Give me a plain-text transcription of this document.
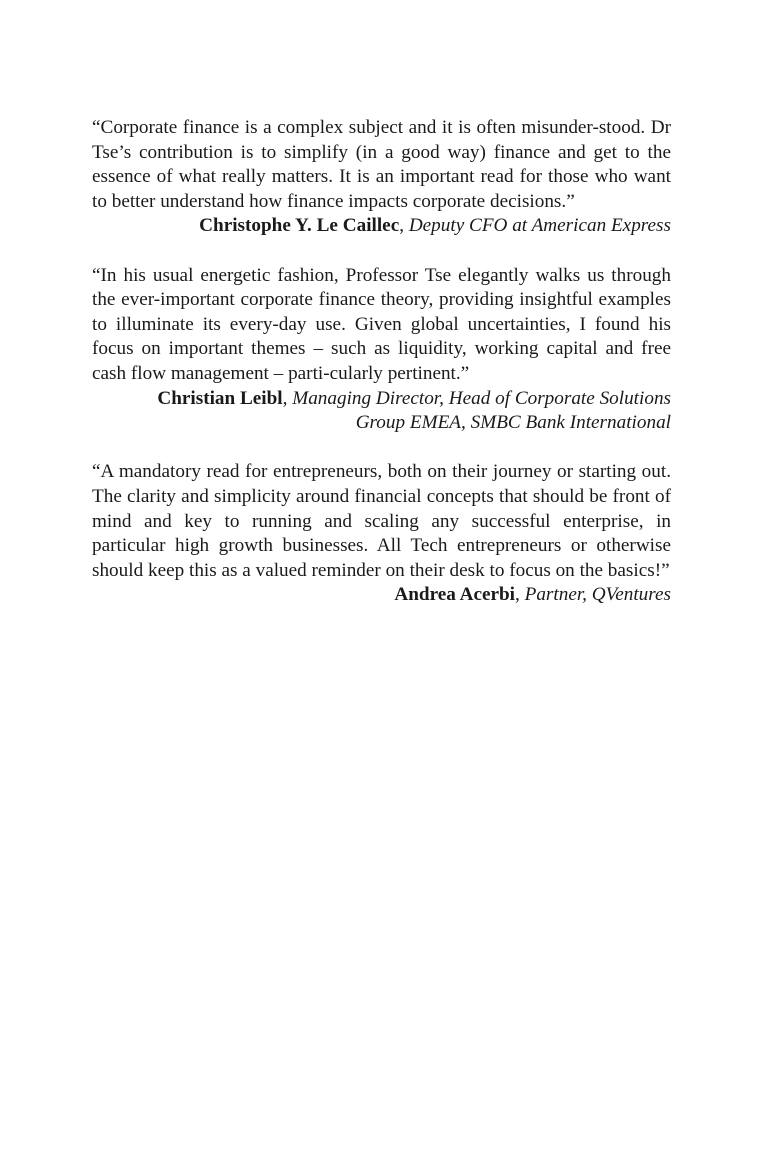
“Corporate finance is a complex subject and it is often misunder-stood. Dr Tse’s contribution is to simplify (in a good way) finance and get to the essence of what really matters. It is an important read for those who want to better understand how finance impacts corporate decisions.”

Christophe Y. Le Caillec, Deputy CFO at American Express

“In his usual energetic fashion, Professor Tse elegantly walks us through the ever-important corporate finance theory, providing insightful examples to illuminate its every-day use. Given global uncertainties, I found his focus on important themes – such as liquidity, working capital and free cash flow management – parti-cularly pertinent.”

Christian Leibl, Managing Director, Head of Corporate Solutions Group EMEA, SMBC Bank International

“A mandatory read for entrepreneurs, both on their journey or starting out. The clarity and simplicity around financial concepts that should be front of mind and key to running and scaling any successful enterprise, in particular high growth businesses. All Tech entrepreneurs or otherwise should keep this as a valued reminder on their desk to focus on the basics!”

Andrea Acerbi, Partner, QVentures
